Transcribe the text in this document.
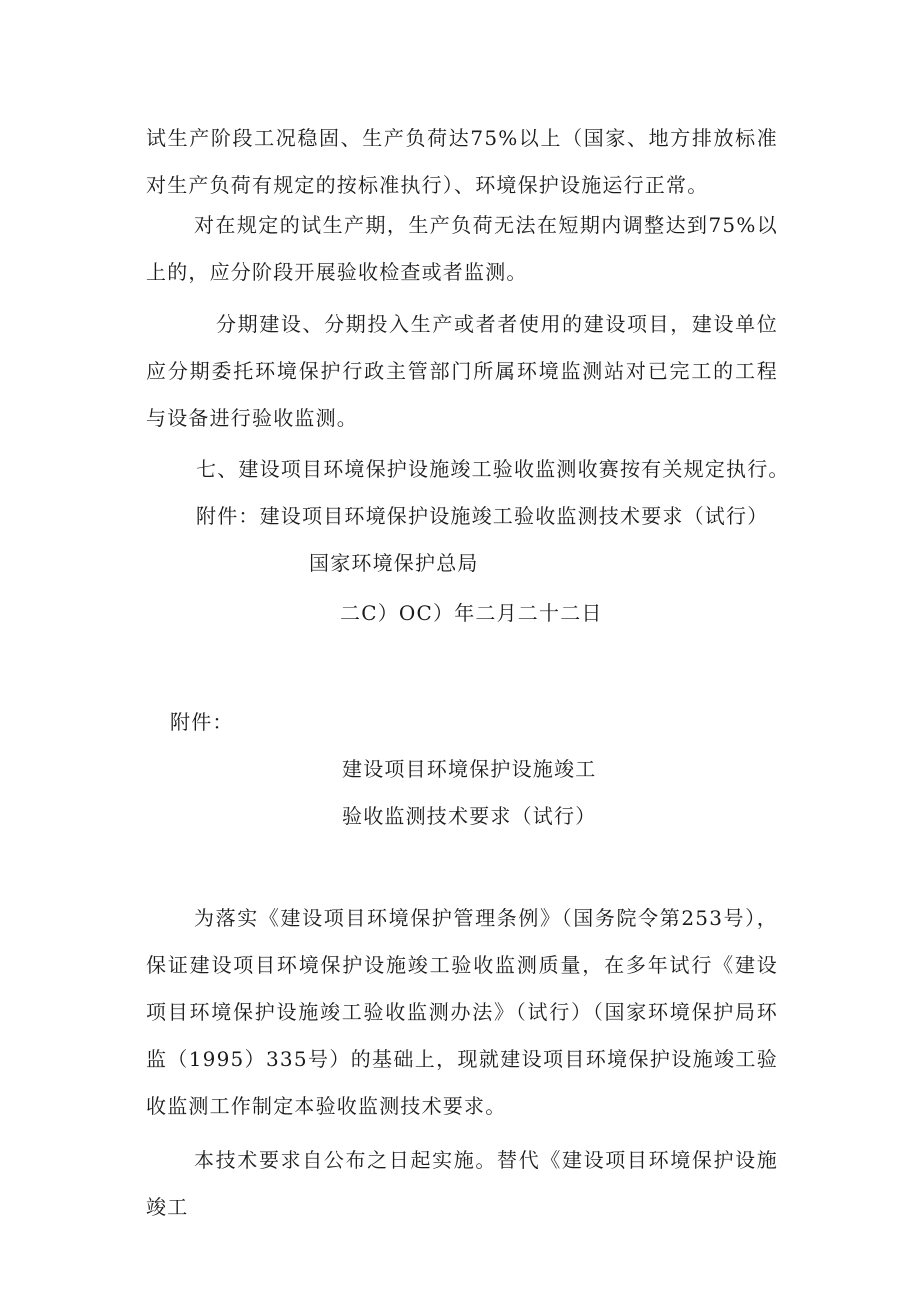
试生产阶段工况稳固、生产负荷达75%以上（国家、地方排放标准对生产负荷有规定的按标准执行）、环境保护设施运行正常。
对在规定的试生产期，生产负荷无法在短期内调整达到75%以上的，应分阶段开展验收检查或者监测。
分期建设、分期投入生产或者者使用的建设项目，建设单位应分期委托环境保护行政主管部门所属环境监测站对已完工的工程与设备进行验收监测。
七、建设项目环境保护设施竣工验收监测收赛按有关规定执行。
附件：建设项目环境保护设施竣工验收监测技术要求（试行）
国家环境保护总局
二C）OC）年二月二十二日
附件：
建设项目环境保护设施竣工
验收监测技术要求（试行）
为落实《建设项目环境保护管理条例》（国务院令第253号），保证建设项目环境保护设施竣工验收监测质量，在多年试行《建设项目环境保护设施竣工验收监测办法》（试行）（国家环境保护局环监（1995）335号）的基础上，现就建设项目环境保护设施竣工验收监测工作制定本验收监测技术要求。
本技术要求自公布之日起实施。替代《建设项目环境保护设施竣工
